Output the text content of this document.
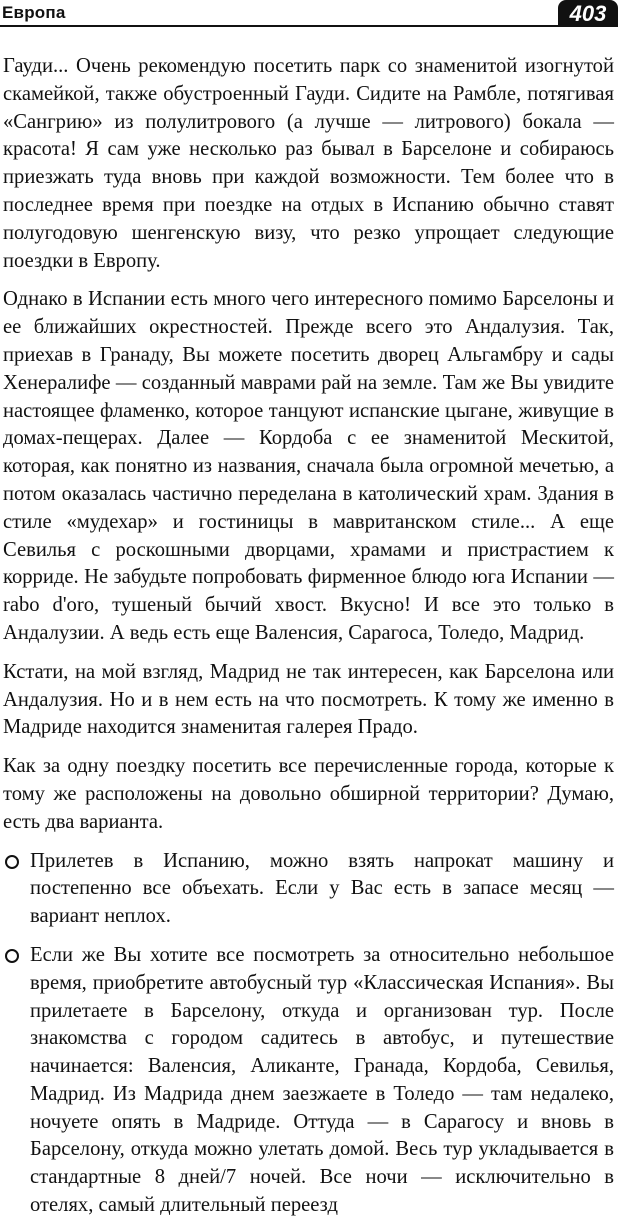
Европа	403

Гауди... Очень рекомендую посетить парк со знаменитой изогнутой скамейкой, также обустроенный Гауди. Сидите на Рамбле, потягивая «Сангрию» из полулитрового (а лучше — литрового) бокала — красота! Я сам уже несколько раз бывал в Барселоне и собираюсь приезжать туда вновь при каждой возможности. Тем более что в последнее время при поездке на отдых в Испанию обычно ставят полугодовую шенгенскую визу, что резко упрощает следующие поездки в Европу.

Однако в Испании есть много чего интересного помимо Барселоны и ее ближайших окрестностей. Прежде всего это Андалузия. Так, приехав в Гранаду, Вы можете посетить дворец Альгамбру и сады Хенералифе — созданный маврами рай на земле. Там же Вы увидите настоящее фламенко, которое танцуют испанские цыгане, живущие в домах-пещерах. Далее — Кордоба с ее знаменитой Мескитой, которая, как понятно из названия, сначала была огромной мечетью, а потом оказалась частично переделана в католический храм. Здания в стиле «мудехар» и гостиницы в мавританском стиле... А еще Севилья с роскошными дворцами, храмами и пристрастием к корриде. Не забудьте попробовать фирменное блюдо юга Испании — rabo d'oro, тушеный бычий хвост. Вкусно! И все это только в Андалузии. А ведь есть еще Валенсия, Сарагоса, Толедо, Мадрид.

Кстати, на мой взгляд, Мадрид не так интересен, как Барселона или Андалузия. Но и в нем есть на что посмотреть. К тому же именно в Мадриде находится знаменитая галерея Прадо.

Как за одну поездку посетить все перечисленные города, которые к тому же расположены на довольно обширной территории? Думаю, есть два варианта.

Прилетев в Испанию, можно взять напрокат машину и постепенно все объехать. Если у Вас есть в запасе месяц — вариант неплох.
Если же Вы хотите все посмотреть за относительно небольшое время, приобретите автобусный тур «Классическая Испания». Вы прилетаете в Барселону, откуда и организован тур. После знакомства с городом садитесь в автобус, и путешествие начинается: Валенсия, Аликанте, Гранада, Кордоба, Севилья, Мадрид. Из Мадрида днем заезжаете в Толедо — там недалеко, ночуете опять в Мадриде. Оттуда — в Сарагосу и вновь в Барселону, откуда можно улетать домой. Весь тур укладывается в стандартные 8 дней/7 ночей. Все ночи — исключительно в отелях, самый длительный переезд
